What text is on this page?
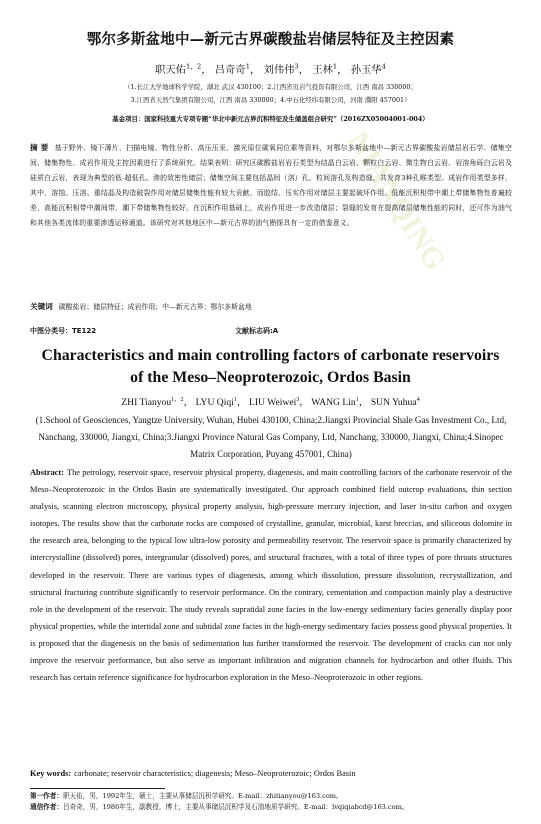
NIANQING
鄂尔多斯盆地中—新元古界碳酸盐岩储层特征及主控因素
职天佑$^{1,2}$， 吕奇奇$^1$， 刘伟伟$^3$， 王林$^1$， 孙玉华$^4$
（1.长江大学地球科学学院，湖北 武汉 430100；2.江西省页岩气投资有限公司，江西 南昌 330000；
3.江西省天然气集团有限公司，江西 南昌 330000；4.中石化经纬有限公司，河南 濮阳 457001）
基金项目：国家科技重大专项专题“华北中新元古界沉积特征及生储盖组合研究”（2016ZX05004001-004）
摘 要 基于野外、镜下薄片、扫描电镜、物性分析、高压压汞、激光原位碳氧同位素等资料，对鄂尔多斯盆地中—新元古界碳酸盐岩储层岩石学、储集空间、储集物性、成岩作用及主控因素进行了系统研究。结果表明：研究区碳酸盐岩岩石类型为结晶白云岩、颗粒白云岩、微生物白云岩、岩溶角砾白云岩及硅质白云岩，表现为典型的低-超低孔、渗的致密性储层；储集空间主要包括晶间（溶）孔、粒间溶孔及构造缝，共发育3种孔喉类型。成岩作用类型多样，其中，溶蚀、压溶、重结晶及构造破裂作用对储层储集性能有较大贡献，而胶结、压实作用对储层主要起破坏作用。低能沉积相带中潮上带储集物性普遍较差，高能沉积相带中潮间带、潮下带储集物性较好。在沉积作用基础上，成岩作用进一步改造储层；裂缝的发育在提高储层储集性能的同时，还可作为油气和其他各类流体的重要渗透运移通道。该研究对其他地区中—新元古界的油气勘探具有一定的借鉴意义。
关键词 碳酸盐岩；储层特征；成岩作用；中—新元古界；鄂尔多斯盆地
中图分类号：TE122	文献标志码:A
Characteristics and main controlling factors of carbonate reservoirs
of the Meso–Neoproterozoic, Ordos Basin
ZHI Tianyou$^{1,2}$， LYU Qiqi$^1$， LIU Weiwei$^3$， WANG Lin$^1$， SUN Yuhua$^4$
(1.School of Geosciences, Yangtze University, Wuhan, Hubei 430100, China;2.Jiangxi Provincial Shale Gas Investment Co., Ltd, Nanchang, 330000, Jiangxi, China;3.Jiangxi Province Natural Gas Company, Ltd, Nanchang, 330000, Jiangxi, China;4.Sinopec Matrix Corporation, Puyang 457001, China)
Abstract: The petrology, reservoir space, reservoir physical property, diagenesis, and main controlling factors of the carbonate reservoir of the Meso–Neoproterozoic in the Ordos Basin are systematically investigated. Our approach combined field outcrop evaluations, thin section analysis, scanning electron microscopy, physical property analysis, high-pressure mercury injection, and laser in-situ carbon and oxygen isotopes. The results show that the carbonate rocks are composed of crystalline, granular, microbial, karst breccias, and siliceous dolomite in the research area, belonging to the typical low ultra-low porosity and permeability reservoir. The reservoir space is primarily characterized by intercrystalline (dissolved) pores, intergranular (dissolved) pores, and structural fractures, with a total of three types of pore throats structures developed in the reservoir. There are various types of diagenesis, among which dissolution, pressure dissolution, recrystallization, and structural fracturing contribute significantly to reservoir performance. On the contrary, cementation and compaction mainly play a destructive role in the development of the reservoir. The study reveals supratidal zone facies in the low-energy sedimentary facies generally display poor physical properties, while the intertidal zone and subtidal zone facies in the high-energy sedimentary facies possess good physical properties. It is proposed that the diagenesis on the basis of sedimentation has further transformed the reservoir. The development of cracks can not only improve the reservoir performance, but also serve as important infiltration and migration channels for hydrocarbon and other fluids. This research has certain reference significance for hydrocarbon exploration in the Meso–Neoproterozoic in other regions.
Key words: carbonate; reservoir characteristics; diagenesis; Meso–Neoproterozoic; Ordos Basin
第一作者：职天佑，男，1992年生，硕士，主要从事储层沉积学研究。E-mail：zhitianyou@163.com。
通信作者：吕奇奇，男，1986年生，副教授，博士，主要从事储层沉积学及石油地质学研究。E-mail：lvqiqiabcd@163.com。
